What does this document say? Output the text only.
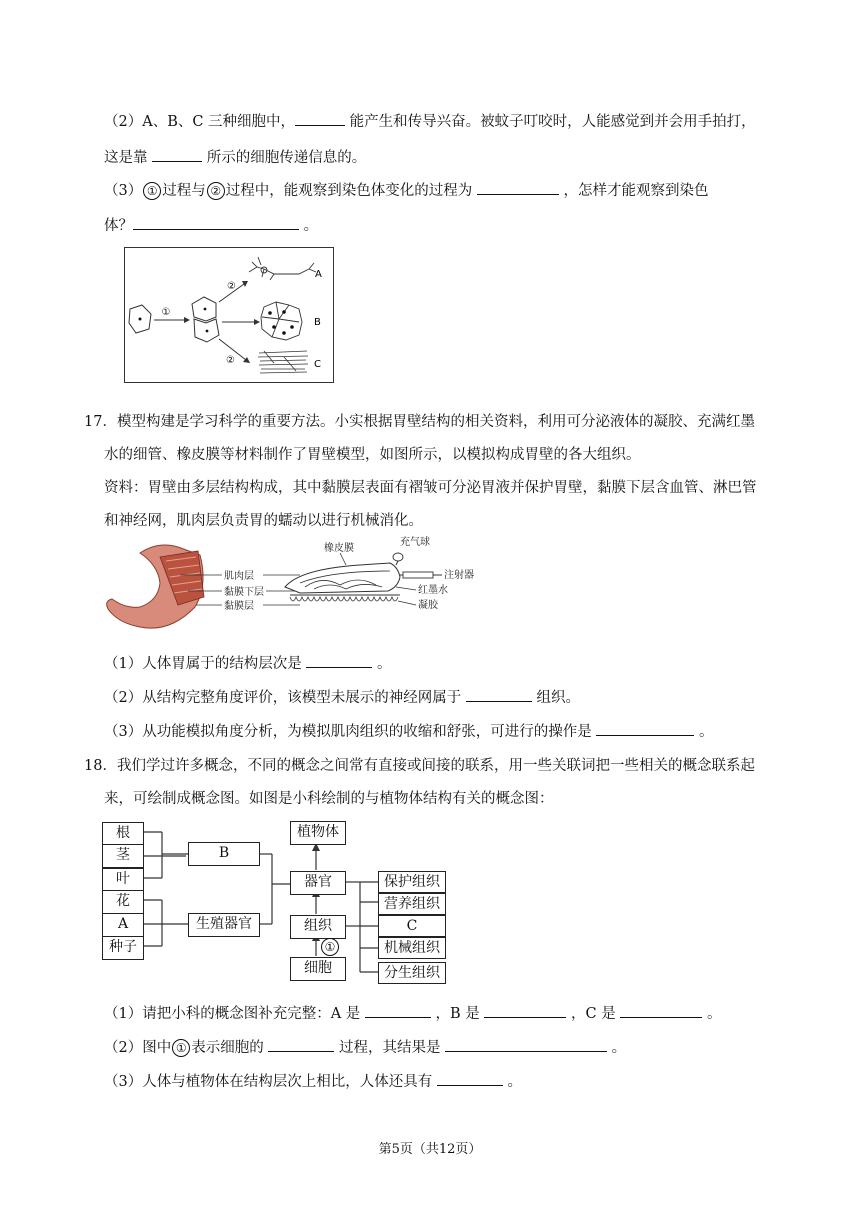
（2）A、B、C 三种细胞中，	能产生和传导兴奋。被蚊子叮咬时，人能感觉到并会用手拍打，
这是靠	所示的细胞传递信息的。
（3） ① 过程与 ② 过程中，能观察到染色体变化的过程为	，怎样才能观察到染色
体？	。
①
②
②
A
B
C
17．模型构建是学习科学的重要方法。小实根据胃壁结构的相关资料，利用可分泌液体的凝胶、充满红墨
水的细管、橡皮膜等材料制作了胃壁模型，如图所示，以模拟构成胃壁的各大组织。
资料：胃壁由多层结构构成，其中黏膜层表面有褶皱可分泌胃液并保护胃壁，黏膜下层含血管、淋巴管
和神经网，肌肉层负责胃的蠕动以进行机械消化。
肌肉层
黏膜下层
黏膜层
橡皮膜
充气球
注射器
红墨水
凝胶
（1）人体胃属于的结构层次是	。
（2）从结构完整角度评价，该模型未展示的神经网属于	组织。
（3）从功能模拟角度分析，为模拟肌肉组织的收缩和舒张，可进行的操作是	。
18．我们学过许多概念，不同的概念之间常有直接或间接的联系，用一些关联词把一些相关的概念联系起
来，可绘制成概念图。如图是小科绘制的与植物体结构有关的概念图：
根
茎
叶
花
A
种子
B
生殖器官
植物体
器官
组织
细胞
①
保护组织
营养组织
C
机械组织
分生组织
（1）请把小科的概念图补充完整：A 是	，B 是	，C 是	。
（2）图中 ① 表示细胞的	过程，其结果是	。
（3）人体与植物体在结构层次上相比，人体还具有	。
第5页（共12页）
